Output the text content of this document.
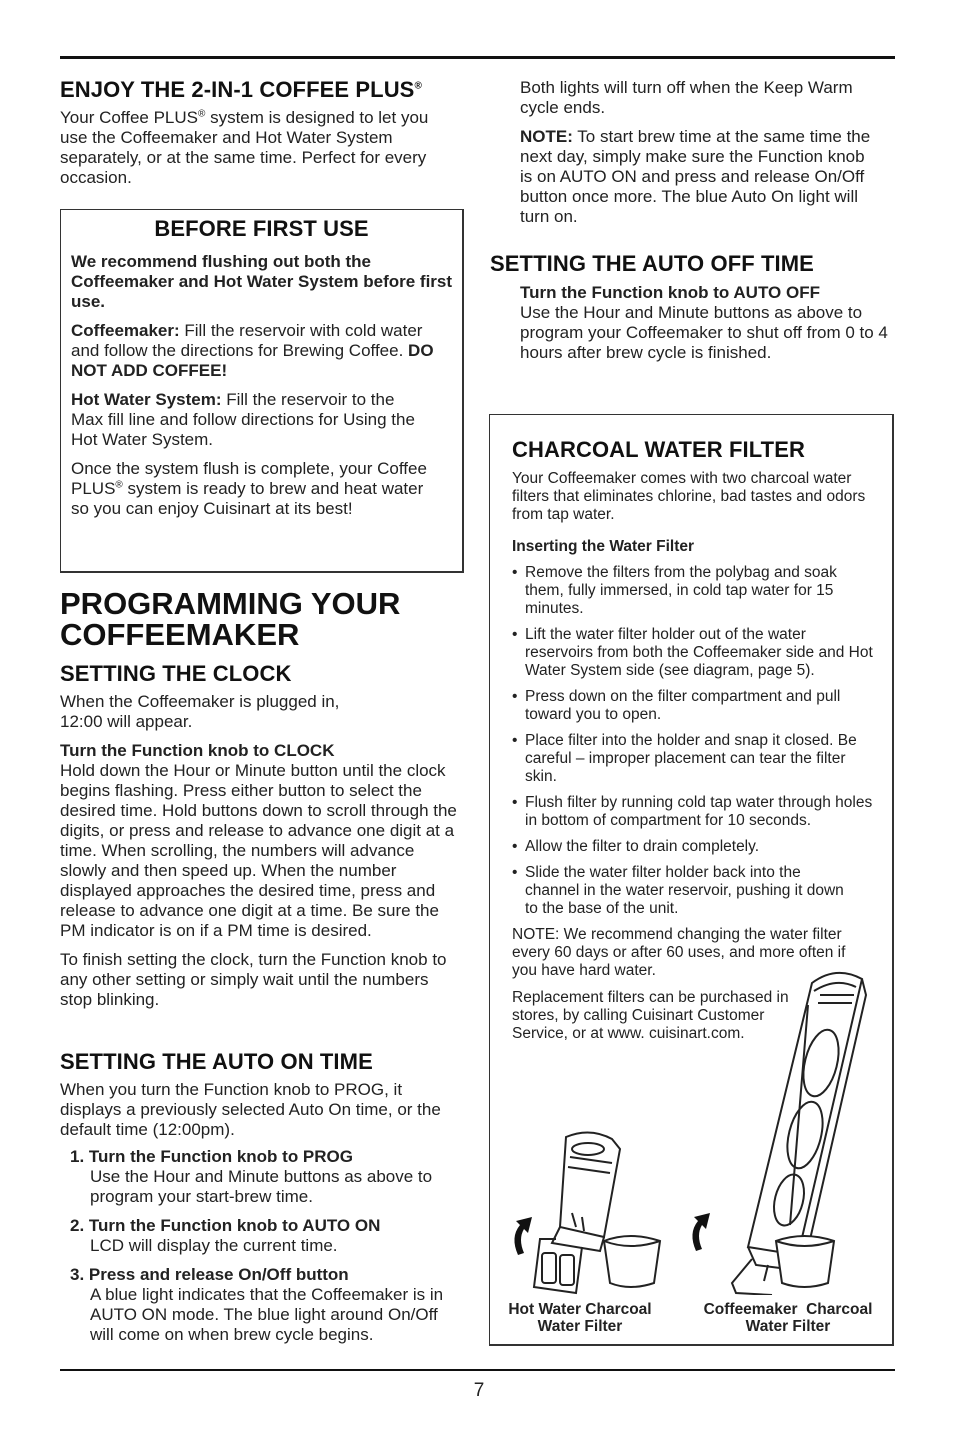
ENJOY THE 2-IN-1 COFFEE PLUS®

Your Coffee PLUS® system is designed to let you use the Coffeemaker and Hot Water System separately, or at the same time. Perfect for every occasion.

BEFORE FIRST USE

We recommend flushing out both the Coffeemaker and Hot Water System before first use.

Coffeemaker: Fill the reservoir with cold water and follow the directions for Brewing Coffee. DO NOT ADD COFFEE!

Hot Water System: Fill the reservoir to the Max fill line and follow directions for Using the Hot Water System.

Once the system flush is complete, your Coffee PLUS® system is ready to brew and heat water so you can enjoy Cuisinart at its best!

PROGRAMMING YOUR
COFFEEMAKER
SETTING THE CLOCK

When the Coffeemaker is plugged in, 12:00 will appear.

Turn the Function knob to CLOCK

Hold down the Hour or Minute button until the clock begins flashing. Press either button to select the desired time. Hold buttons down to scroll through the digits, or press and release to advance one digit at a time. When scrolling, the numbers will advance slowly and then speed up. When the number displayed approaches the desired time, press and release to advance one digit at a time. Be sure the PM indicator is on if a PM time is desired.

To finish setting the clock, turn the Function knob to any other setting or simply wait until the numbers stop blinking.

SETTING THE AUTO ON TIME

When you turn the Function knob to PROG, it displays a previously selected Auto On time, or the default time (12:00pm).

1. Turn the Function knob to PROG
Use the Hour and Minute buttons as above to program your start-brew time.
2. Turn the Function knob to AUTO ON
LCD will display the current time.
3. Press and release On/Off button
A blue light indicates that the Coffeemaker is in AUTO ON mode. The blue light around On/Off will come on when brew cycle begins.

Both lights will turn off when the Keep Warm cycle ends.

NOTE: To start brew time at the same time the next day, simply make sure the Function knob is on AUTO ON and press and release On/Off button once more. The blue Auto On light will turn on.

SETTING THE AUTO OFF TIME

Turn the Function knob to AUTO OFF

Use the Hour and Minute buttons as above to program your Coffeemaker to shut off from 0 to 4 hours after brew cycle is finished.

CHARCOAL WATER FILTER

Your Coffeemaker comes with two charcoal water filters that eliminates chlorine, bad tastes and odors from tap water.

Inserting the Water Filter

• Remove the filters from the polybag and soak them, fully immersed, in cold tap water for 15 minutes.
• Lift the water filter holder out of the water reservoirs from both the Coffeemaker side and Hot Water System side (see diagram, page 5).
• Press down on the filter compartment and pull toward you to open.
• Place filter into the holder and snap it closed. Be careful – improper placement can tear the filter skin.
• Flush filter by running cold tap water through holes in bottom of compartment for 10 seconds.
• Allow the filter to drain completely.
• Slide the water filter holder back into the channel in the water reservoir, pushing it down to the base of the unit.

NOTE: We recommend changing the water filter every 60 days or after 60 uses, and more often if you have hard water.

Replacement filters can be purchased in stores, by calling Cuisinart Customer Service, or at www. cuisinart.com.

Hot Water Charcoal
Water Filter
Coffeemaker  Charcoal
Water Filter
7
